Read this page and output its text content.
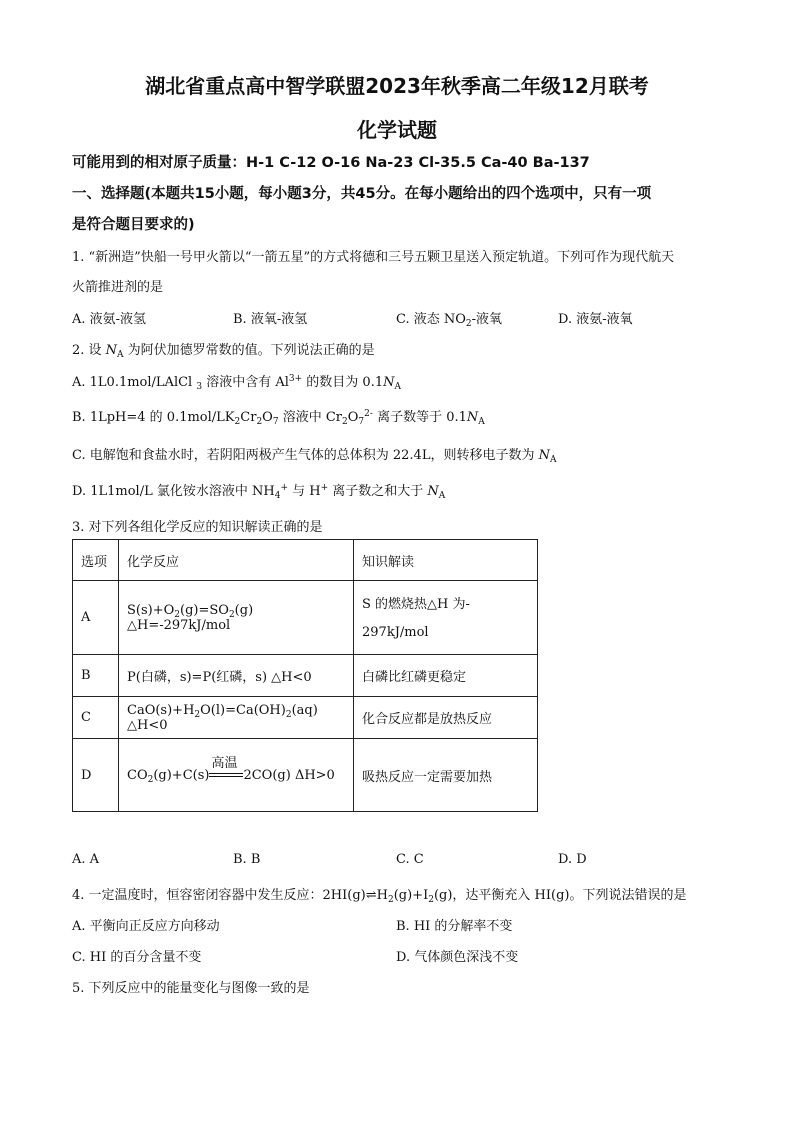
湖北省重点高中智学联盟2023年秋季高二年级12月联考
化学试题
可能用到的相对原子质量：H-1 C-12 O-16 Na-23 Cl-35.5 Ca-40 Ba-137
一、选择题(本题共15小题，每小题3分，共45分。在每小题给出的四个选项中，只有一项
是符合题目要求的)
1. “新洲造”快船一号甲火箭以“一箭五星”的方式将德和三号五颗卫星送入预定轨道。下列可作为现代航天
火箭推进剂的是
A. 液氨-液氢	B. 液氧-液氢	C. 液态 $NO_2-$液氧	D. 液氨-液氧
2. 设 $N_A$ 为阿伏加德罗常数的值。下列说法正确的是
A. 1L0.1mol/LAlCl $_3$ 溶液中含有 $Al^{3+}$ 的数目为 $0.1N_A$
B. 1LpH=4 的 $0.1mol/LK_2Cr_2O_7$ 溶液中 $Cr_2O_7^{2-}$ 离子数等于 $0.1N_A$
C. 电解饱和食盐水时，若阴阳两极产生气体的总体积为 22.4L，则转移电子数为 $N_A$
D. 1L1mol/L 氯化铵水溶液中 $NH_4^+$ 与 H+ 离子数之和大于 $N_A$
3. 对下列各组化学反应的知识解读正确的是
选项	化学反应	知识解读
A	$S(s)+O_2(g)=SO_2(g)$ △H=-297kJ/mol	S 的燃烧热△H 为-
297kJ/mol

B	P(白磷，s)=P(红磷，s) △H<0	白磷比红磷更稳定
C	$CaO(s)+H_2O(l)=Ca(OH)_2(aq)$ △H<0	化合反应都是放热反应
D	$CO_2(g)+C(s)$
高温
2CO(g) ΔH>0	吸热反应一定需要加热
A. A	B. B	C. C	D. D
4. 一定温度时，恒容密闭容器中发生反应：$2HI(g)\rightleftharpoons H_2(g)+I_2(g)$，达平衡充入 HI(g)。下列说法错误的是
A. 平衡向正反应方向移动	B. HI 的分解率不变
C. HI 的百分含量不变	D. 气体颜色深浅不变
5. 下列反应中的能量变化与图像一致的是
